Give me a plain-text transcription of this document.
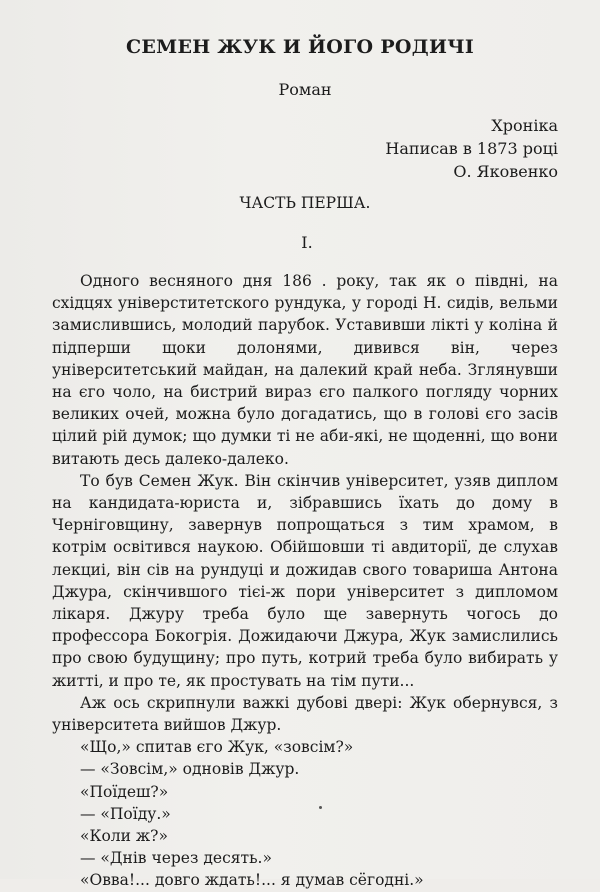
СЕМЕН ЖУК И ЙОГО РОДИЧІ
Роман
Хроніка
Написав в 1873 році
О. Яковенко
ЧАСТЬ ПЕРША.
I.

Одного весняного дня 186 . року, так як о півдні, на східцях універститетского рундука, у городі Н. сидів, вельми замислившись, молодий парубок. Уставивши лікті у коліна й підперши щоки долонями, дивився він, через університетський майдан, на далекий край неба. Зглянувши на єго чоло, на бистрий вираз єго палкого погляду чорних великих очей, можна було догадатись, що в голові єго засів цілий рій думок; що думки ті не аби-які, не щоденні, що вони витають десь далеко-далеко.

То був Семен Жук. Він скінчив університет, узяв диплом на кандидата-юриста и, зібравшись їхать до дому в Черніговщину, завернув попрощаться з тим храмом, в котрім освітився наукою. Обійшовши ті авдиторії, де слухав лекциі, він сів на рундуці и дожидав свого товариша Антона Джура, скінчившого тієі-ж пори університет з дипломом лікаря. Джуру треба було ще завернуть чогось до профессора Бокогрія. Дожидаючи Джура, Жук замислились про свою будущину; про путь, котрий треба було вибирать у житті, и про те, як простувать на тім пути...

Аж ось скрипнули важкі дубові двері: Жук обернувся, з університета вийшов Джур.

«Що,» спитав єго Жук, «зовсім?»

— «Зовсім,» одновів Джур.

«Поїдеш?»

— «Поїду.»

«Коли ж?»

— «Днів через десять.»

«Овва!... довго ждать!... я думав сёгодні.»
